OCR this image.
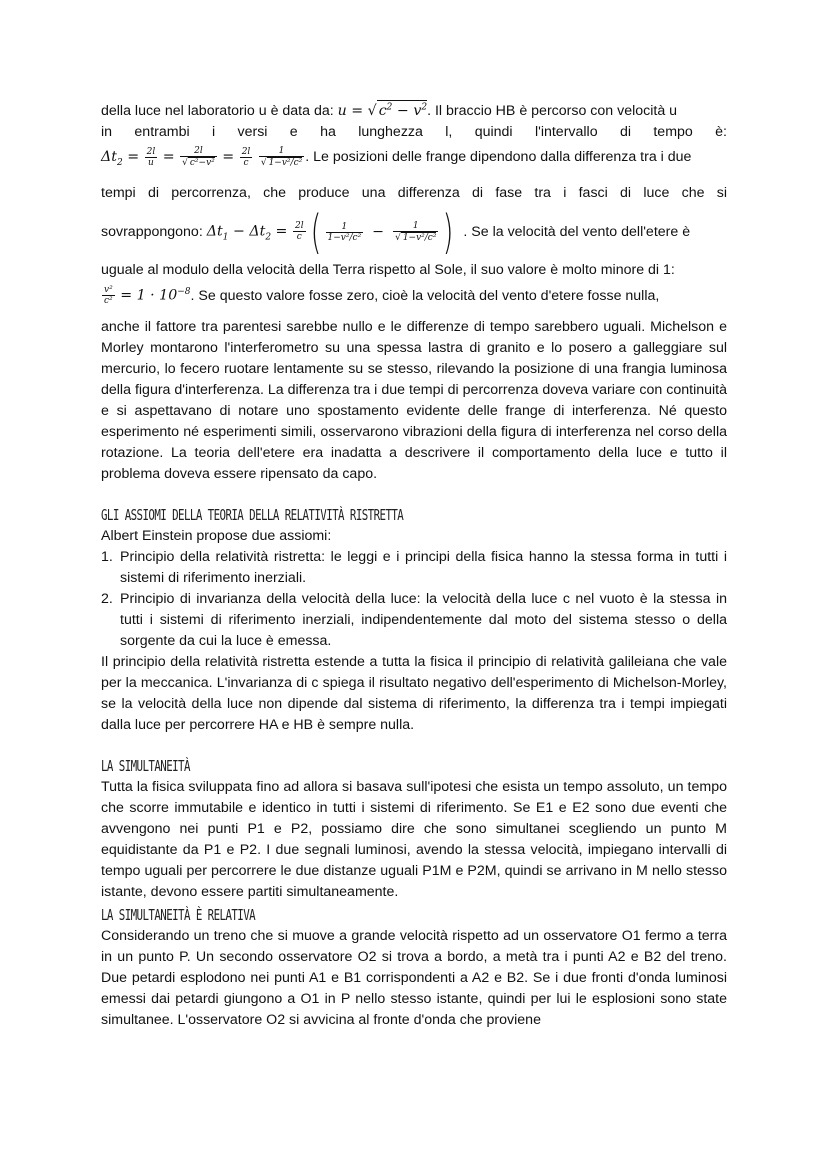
della luce nel laboratorio u è data da: u = √ $c^2 - v^2$. Il braccio HB è percorso con velocità u

in entrambi i versi e ha lunghezza l, quindi l'intervallo di tempo è:

$\Delta t_2 = \frac{2l}{u} = \frac{2l}{\text{√ c²−v²}} = \frac{2l}{c}$
$\frac{1}{\text{√ 1−v²/c²}}$ . Le posizioni delle frange dipendono dalla differenza tra i due

tempi di percorrenza, che produce una differenza di fase tra i fasci di luce che si

sovrappongono: $\Delta t_1 - \Delta t_2 = \frac{2l}{c}$ ( $\frac{1}{\text{1−v²/c²}} - \frac{1}{\text{√ 1−v²/c²}}$ ) . Se la velocità del vento dell'etere è

uguale al modulo della velocità della Terra rispetto al Sole, il suo valore è molto minore di 1:

$\frac{\text{v²}}{\text{c²}} = 1 \cdot 10^{-8}$ . Se questo valore fosse zero, cioè la velocità del vento d'etere fosse nulla,

anche il fattore tra parentesi sarebbe nullo e le differenze di tempo sarebbero uguali. Michelson e Morley montarono l'interferometro su una spessa lastra di granito e lo posero a galleggiare sul mercurio, lo fecero ruotare lentamente su se stesso, rilevando la posizione di una frangia luminosa della figura d'interferenza. La differenza tra i due tempi di percorrenza doveva variare con continuità e si aspettavano di notare uno spostamento evidente delle frange di interferenza. Né questo esperimento né esperimenti simili, osservarono vibrazioni della figura di interferenza nel corso della rotazione. La teoria dell'etere era inadatta a descrivere il comportamento della luce e tutto il problema doveva essere ripensato da capo.

GLI ASSIOMI DELLA TEORIA DELLA RELATIVITÀ RISTRETTA

Albert Einstein propose due assiomi:

1. Principio della relatività ristretta: le leggi e i principi della fisica hanno la stessa forma in tutti i sistemi di riferimento inerziali.
2. Principio di invarianza della velocità della luce: la velocità della luce c nel vuoto è la stessa in tutti i sistemi di riferimento inerziali, indipendentemente dal moto del sistema stesso o della sorgente da cui la luce è emessa.

Il principio della relatività ristretta estende a tutta la fisica il principio di relatività galileiana che vale per la meccanica. L'invarianza di c spiega il risultato negativo dell'esperimento di Michelson-Morley, se la velocità della luce non dipende dal sistema di riferimento, la differenza tra i tempi impiegati dalla luce per percorrere HA e HB è sempre nulla.

LA SIMULTANEITÀ

Tutta la fisica sviluppata fino ad allora si basava sull'ipotesi che esista un tempo assoluto, un tempo che scorre immutabile e identico in tutti i sistemi di riferimento. Se E1 e E2 sono due eventi che avvengono nei punti P1 e P2, possiamo dire che sono simultanei scegliendo un punto M equidistante da P1 e P2. I due segnali luminosi, avendo la stessa velocità, impiegano intervalli di tempo uguali per percorrere le due distanze uguali P1M e P2M, quindi se arrivano in M nello stesso istante, devono essere partiti simultaneamente.

LA SIMULTANEITÀ È RELATIVA

Considerando un treno che si muove a grande velocità rispetto ad un osservatore O1 fermo a terra in un punto P. Un secondo osservatore O2 si trova a bordo, a metà tra i punti A2 e B2 del treno. Due petardi esplodono nei punti A1 e B1 corrispondenti a A2 e B2. Se i due fronti d'onda luminosi emessi dai petardi giungono a O1 in P nello stesso istante, quindi per lui le esplosioni sono state simultanee. L'osservatore O2 si avvicina al fronte d'onda che proviene
